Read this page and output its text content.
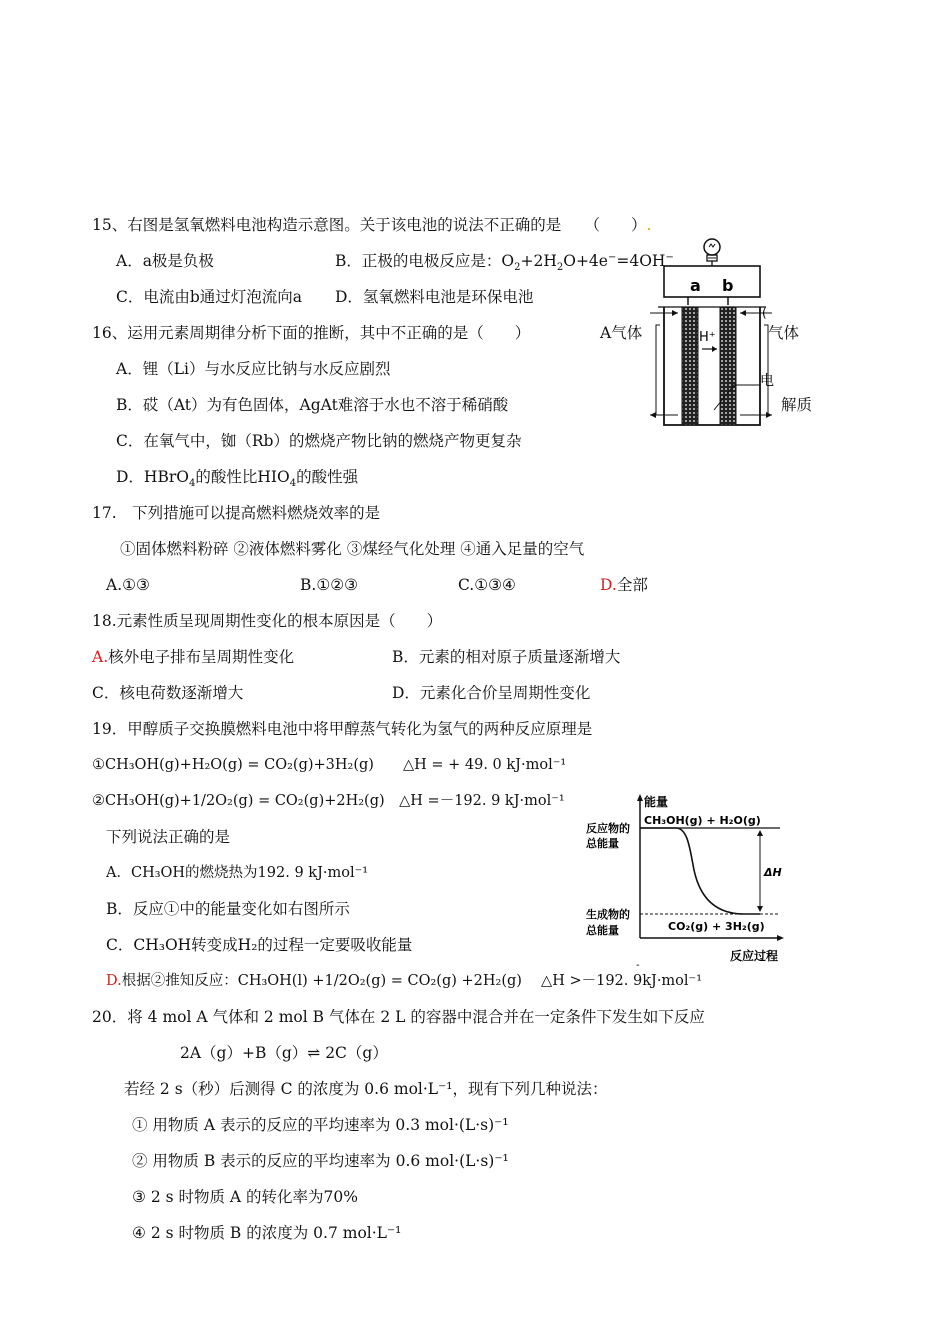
15、右图是氢氧燃料电池构造示意图。关于该电池的说法不正确的是　　（　　）.
A．a极是负极	B．正极的电极反应是：$O_2+2H_2O+4e^-=4OH^-$
C．电流由b通过灯泡流向a D．氢氧燃料电池是环保电池
16、运用元素周期律分析下面的推断，其中不正确的是（　　）
A．锂（Li）与水反应比钠与水反应剧烈
B．砹（At）为有色固体，AgAt难溶于水也不溶于稀硝酸
C．在氧气中，铷（Rb）的燃烧产物比钠的燃烧产物更复杂
D．HBrO$_4$的酸性比$HIO_4$的酸性强
A气体	气体
解质
a b
H⁺
(
电
17.　下列措施可以提高燃料燃烧效率的是
①固体燃料粉碎 ②液体燃料雾化 ③煤经气化处理 ④通入足量的空气
A.①③	B.①②③	C.①③④	D.全部
18.元素性质呈现周期性变化的根本原因是（　　）
A.核外电子排布呈周期性变化	B．元素的相对原子质量逐渐增大
C．核电荷数逐渐增大	D．元素化合价呈周期性变化
19．甲醇质子交换膜燃料电池中将甲醇蒸气转化为氢气的两种反应原理是
①CH₃OH(g)+H₂O(g) = CO₂(g)+3H₂(g)　　△H = + 49. 0 kJ·mol⁻¹
②CH₃OH(g)+1/2O₂(g) = CO₂(g)+2H₂(g)　△H =－192. 9 kJ·mol⁻¹
下列说法正确的是
A．CH₃OH的燃烧热为192. 9 kJ·mol⁻¹
B．反应①中的能量变化如右图所示
C．CH₃OH转变成H₂的过程一定要吸收能量
D.根据②推知反应：CH₃OH(l) +1/2O₂(g) = CO₂(g) +2H₂(g)　 △H >－192. 9kJ·mol⁻¹
能量
反应过程
反应物的
总能量
生成物的
总能量
CH₃OH(g) + H₂O(g)
CO₂(g) + 3H₂(g)
ΔH
-
20．将 4 mol A 气体和 2 mol B 气体在 2 L 的容器中混合并在一定条件下发生如下反应
2A（g）+B（g）⇌ 2C（g）
若经 2 s（秒）后测得 C 的浓度为 0.6 mol·L⁻¹，现有下列几种说法：
① 用物质 A 表示的反应的平均速率为 0.3 mol·(L·s)⁻¹
② 用物质 B 表示的反应的平均速率为 0.6 mol·(L·s)⁻¹
③ 2 s 时物质 A 的转化率为70%
④ 2 s 时物质 B 的浓度为 0.7 mol·L⁻¹
